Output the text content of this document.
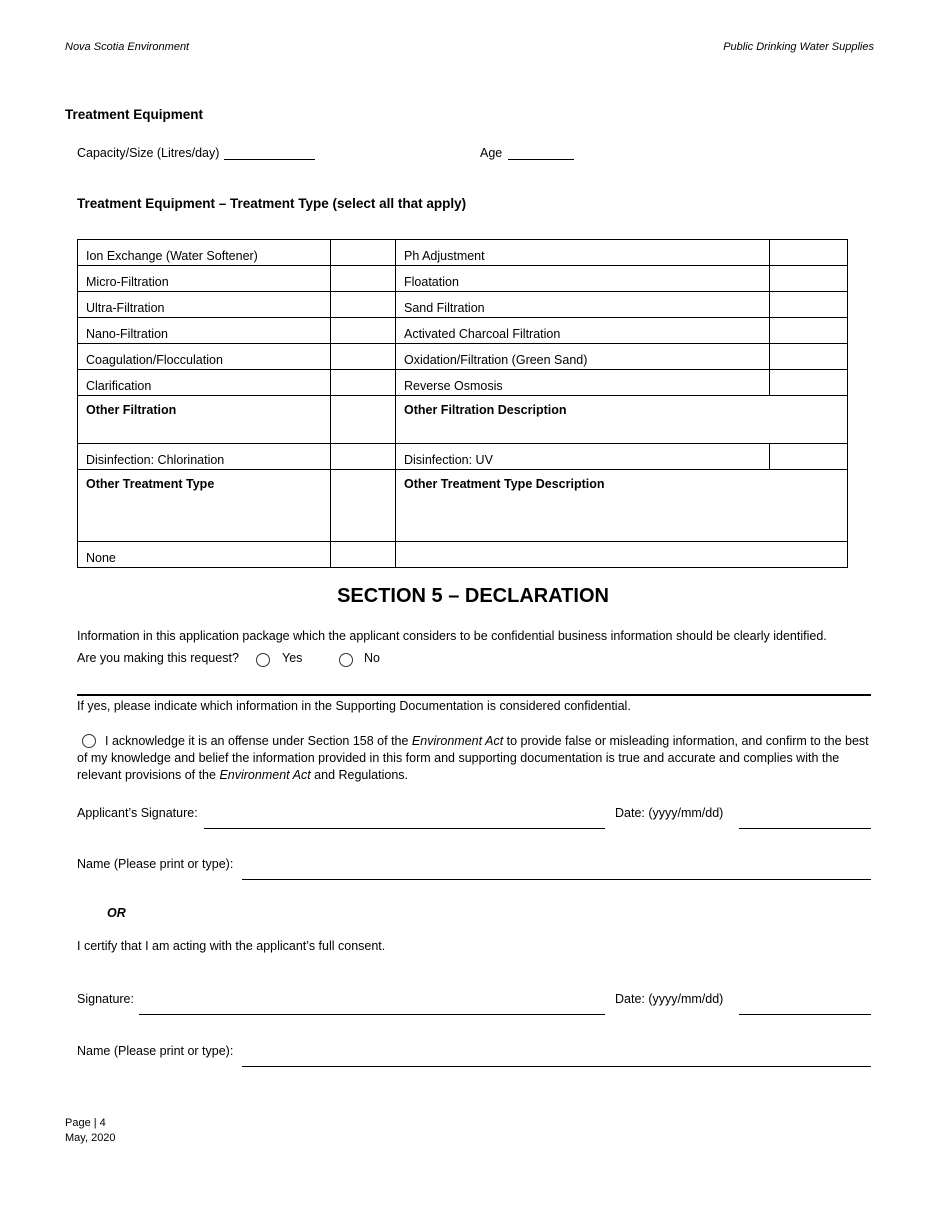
Nova Scotia Environment	Public Drinking Water Supplies
Treatment Equipment
Capacity/Size (Litres/day)	Age
Treatment Equipment – Treatment Type (select all that apply)
Ion Exchange (Water Softener)		Ph Adjustment	
Micro-Filtration		Floatation	
Ultra-Filtration		Sand Filtration	
Nano-Filtration		Activated Charcoal Filtration	
Coagulation/Flocculation		Oxidation/Filtration (Green Sand)	
Clarification		Reverse Osmosis	
Other Filtration		Other Filtration Description	
Disinfection: Chlorination		Disinfection: UV	
Other Treatment Type		Other Treatment Type Description	
None			
SECTION 5 – DECLARATION
Information in this application package which the applicant considers to be confidential business information should be clearly identified.
Are you making this request?	Yes	No
If yes, please indicate which information in the Supporting Documentation is considered confidential.
I acknowledge it is an offense under Section 158 of the Environment Act to provide false or misleading information, and confirm to the best of my knowledge and belief the information provided in this form and supporting documentation is true and accurate and complies with the relevant provisions of the Environment Act and Regulations.
Applicant’s Signature:	Date: (yyyy/mm/dd)
Name (Please print or type):
OR
I certify that I am acting with the applicant’s full consent.
Signature:	Date: (yyyy/mm/dd)
Name (Please print or type):
Page | 4
May, 2020
